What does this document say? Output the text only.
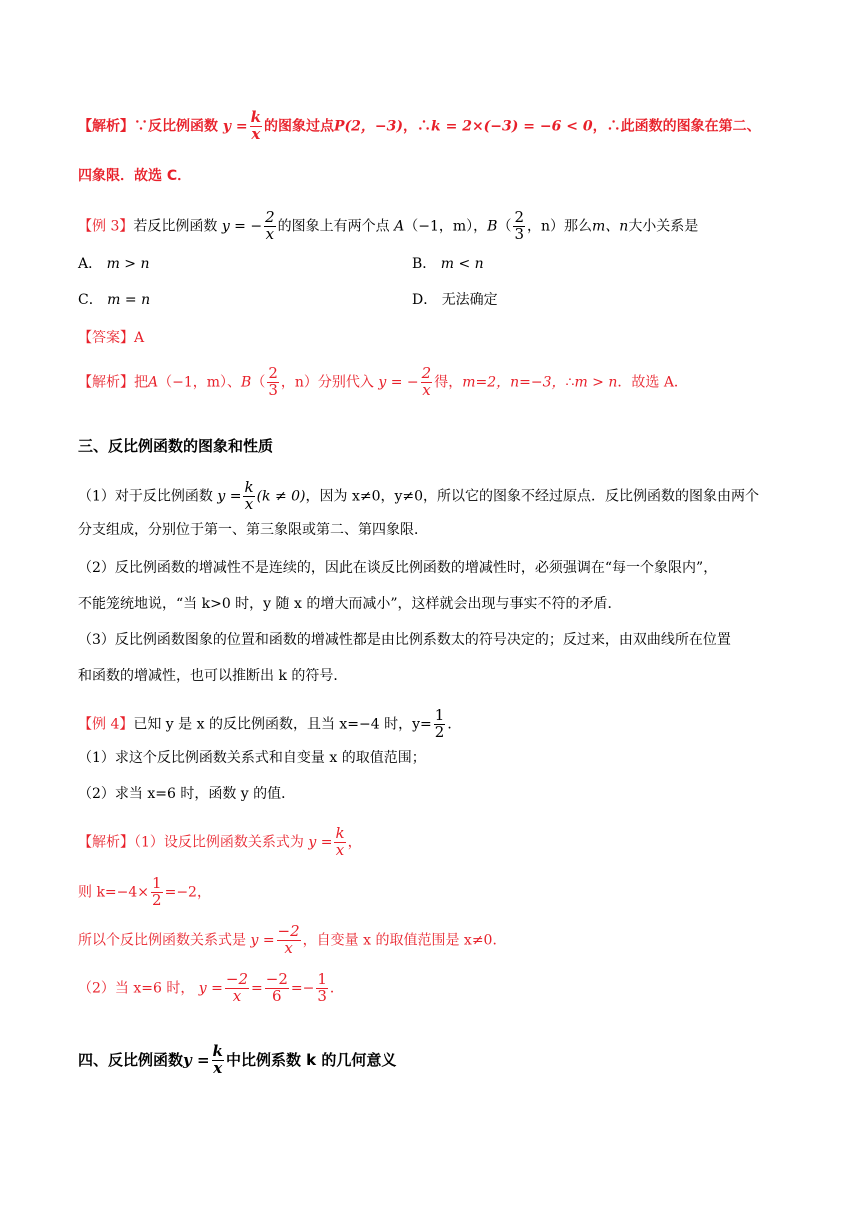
【解析】∵反比例函数 $y = \frac{k}{x}$ 的图象过点P(2，−3)，∴k = 2×(−3) = −6 < 0，∴此函数的图象在第二、
四象限．故选 C．
【例 3】若反比例函数 y = − $\frac{2}{x}$ 的图象上有两个点 A（−1，m），$B( \frac{2}{3}$ ，n）那么m、n大小关系是
A． m > n	B． m < n
C． m = n	D． 无法确定
【答案】A
【解析】把A（−1，m）、$B( \frac{2}{3}$ ，n）分别代入 y = − $\frac{2}{x}$ 得，m=2，n=−3，∴m > n．故选 A．
三、反比例函数的图象和性质
（1）对于反比例函数 $y = \frac{k}{x} (k \ne 0)$，因为 x≠0，y≠0，所以它的图象不经过原点．反比例函数的图象由两个
分支组成，分别位于第一、第三象限或第二、第四象限．
（2）反比例函数的增减性不是连续的，因此在谈反比例函数的增减性时，必须强调在“每一个象限内”，
不能笼统地说，“当 k>0 时，y 随 x 的增大而减小”，这样就会出现与事实不符的矛盾．
（3）反比例函数图象的位置和函数的增减性都是由比例系数太的符号决定的；反过来，由双曲线所在位置
和函数的增减性，也可以推断出 k 的符号．
【例 4】已知 y 是 x 的反比例函数，且当 x=−4 时，$y= \frac{1}{2}$ ．
（1）求这个反比例函数关系式和自变量 x 的取值范围；
（2）求当 x=6 时，函数 y 的值．
【解析】（1）设反比例函数关系式为 $y = \frac{k}{x}$ ，
则 $k=-4\times \frac{1}{2} =-2$，
所以个反比例函数关系式是 $y = \frac{-2}{x}$ ，自变量 x 的取值范围是 x≠0．
（2）当 x=6 时， $y = \frac{-2}{x} = \frac{-2}{6} =- \frac{1}{3}$ ．
四、反比例函数$y = \frac{k}{x}$ 中比例系数 k 的几何意义
